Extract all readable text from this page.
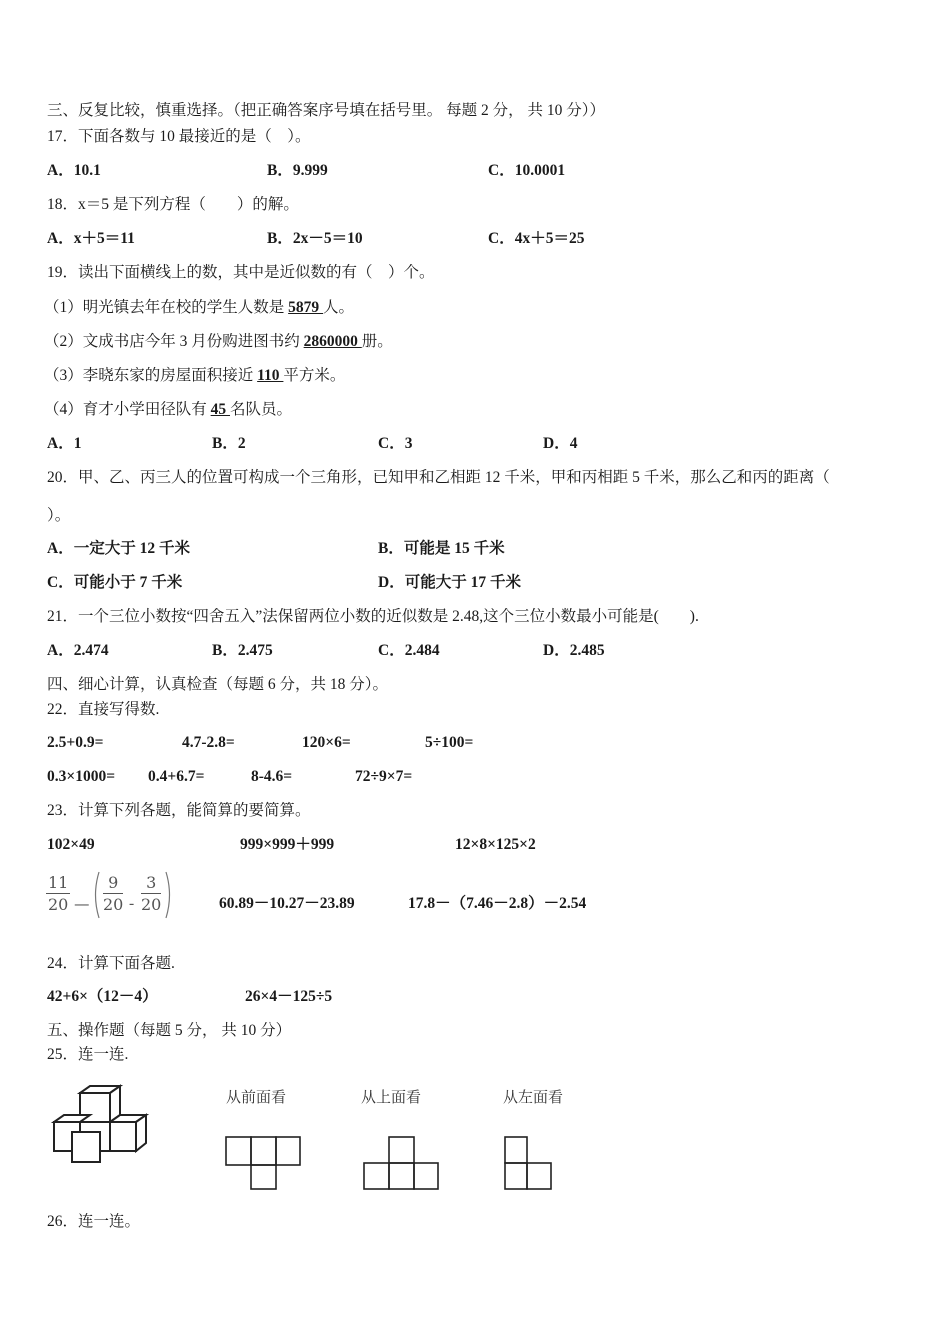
三、反复比较，慎重选择。（把正确答案序号填在括号里。 每题 2 分， 共 10 分））
17．下面各数与 10 最接近的是（　）。
A．10.1	B．9.999	C．10.0001
18．x＝5 是下列方程（　　）的解。
A．x＋5＝11	B．2x－5＝10	C．4x＋5＝25
19．读出下面横线上的数，其中是近似数的有（　）个。
（1）明光镇去年在校的学生人数是 5879 人。
（2）文成书店今年 3 月份购进图书约 2860000 册。
（3）李晓东家的房屋面积接近 110 平方米。
（4）育才小学田径队有 45 名队员。
A．1	B．2	C．3	D．4
20．甲、乙、丙三人的位置可构成一个三角形，已知甲和乙相距 12 千米，甲和丙相距 5 千米，那么乙和丙的距离（
）。
A．一定大于 12 千米	B．可能是 15 千米
C．可能小于 7 千米	D．可能大于 17 千米
21．一个三位小数按“四舍五入”法保留两位小数的近似数是 2.48,这个三位小数最小可能是(　　).
A．2.474	B．2.475	C．2.484	D．2.485
四、细心计算，认真检查（每题 6 分，共 18 分）。
22．直接写得数.
2.5+0.9=	4.7-2.8=	120×6=	5÷100=
0.3×1000= 0.4+6.7=	8-4.6=	72÷9×7=
23．计算下列各题，能简算的要简算。
102×49	999×999＋999	12×8×125×2
$\frac{11}{20}$ — $\frac{9}{20} - \frac{3}{20}$	60.89－10.27－23.89	17.8－（7.46－2.8）－2.54
24．计算下面各题.
42+6×（12－4）	26×4－125÷5
五、操作题（每题 5 分， 共 10 分）
25．连一连.
从前面看	从上面看	从左面看
26．连一连。
